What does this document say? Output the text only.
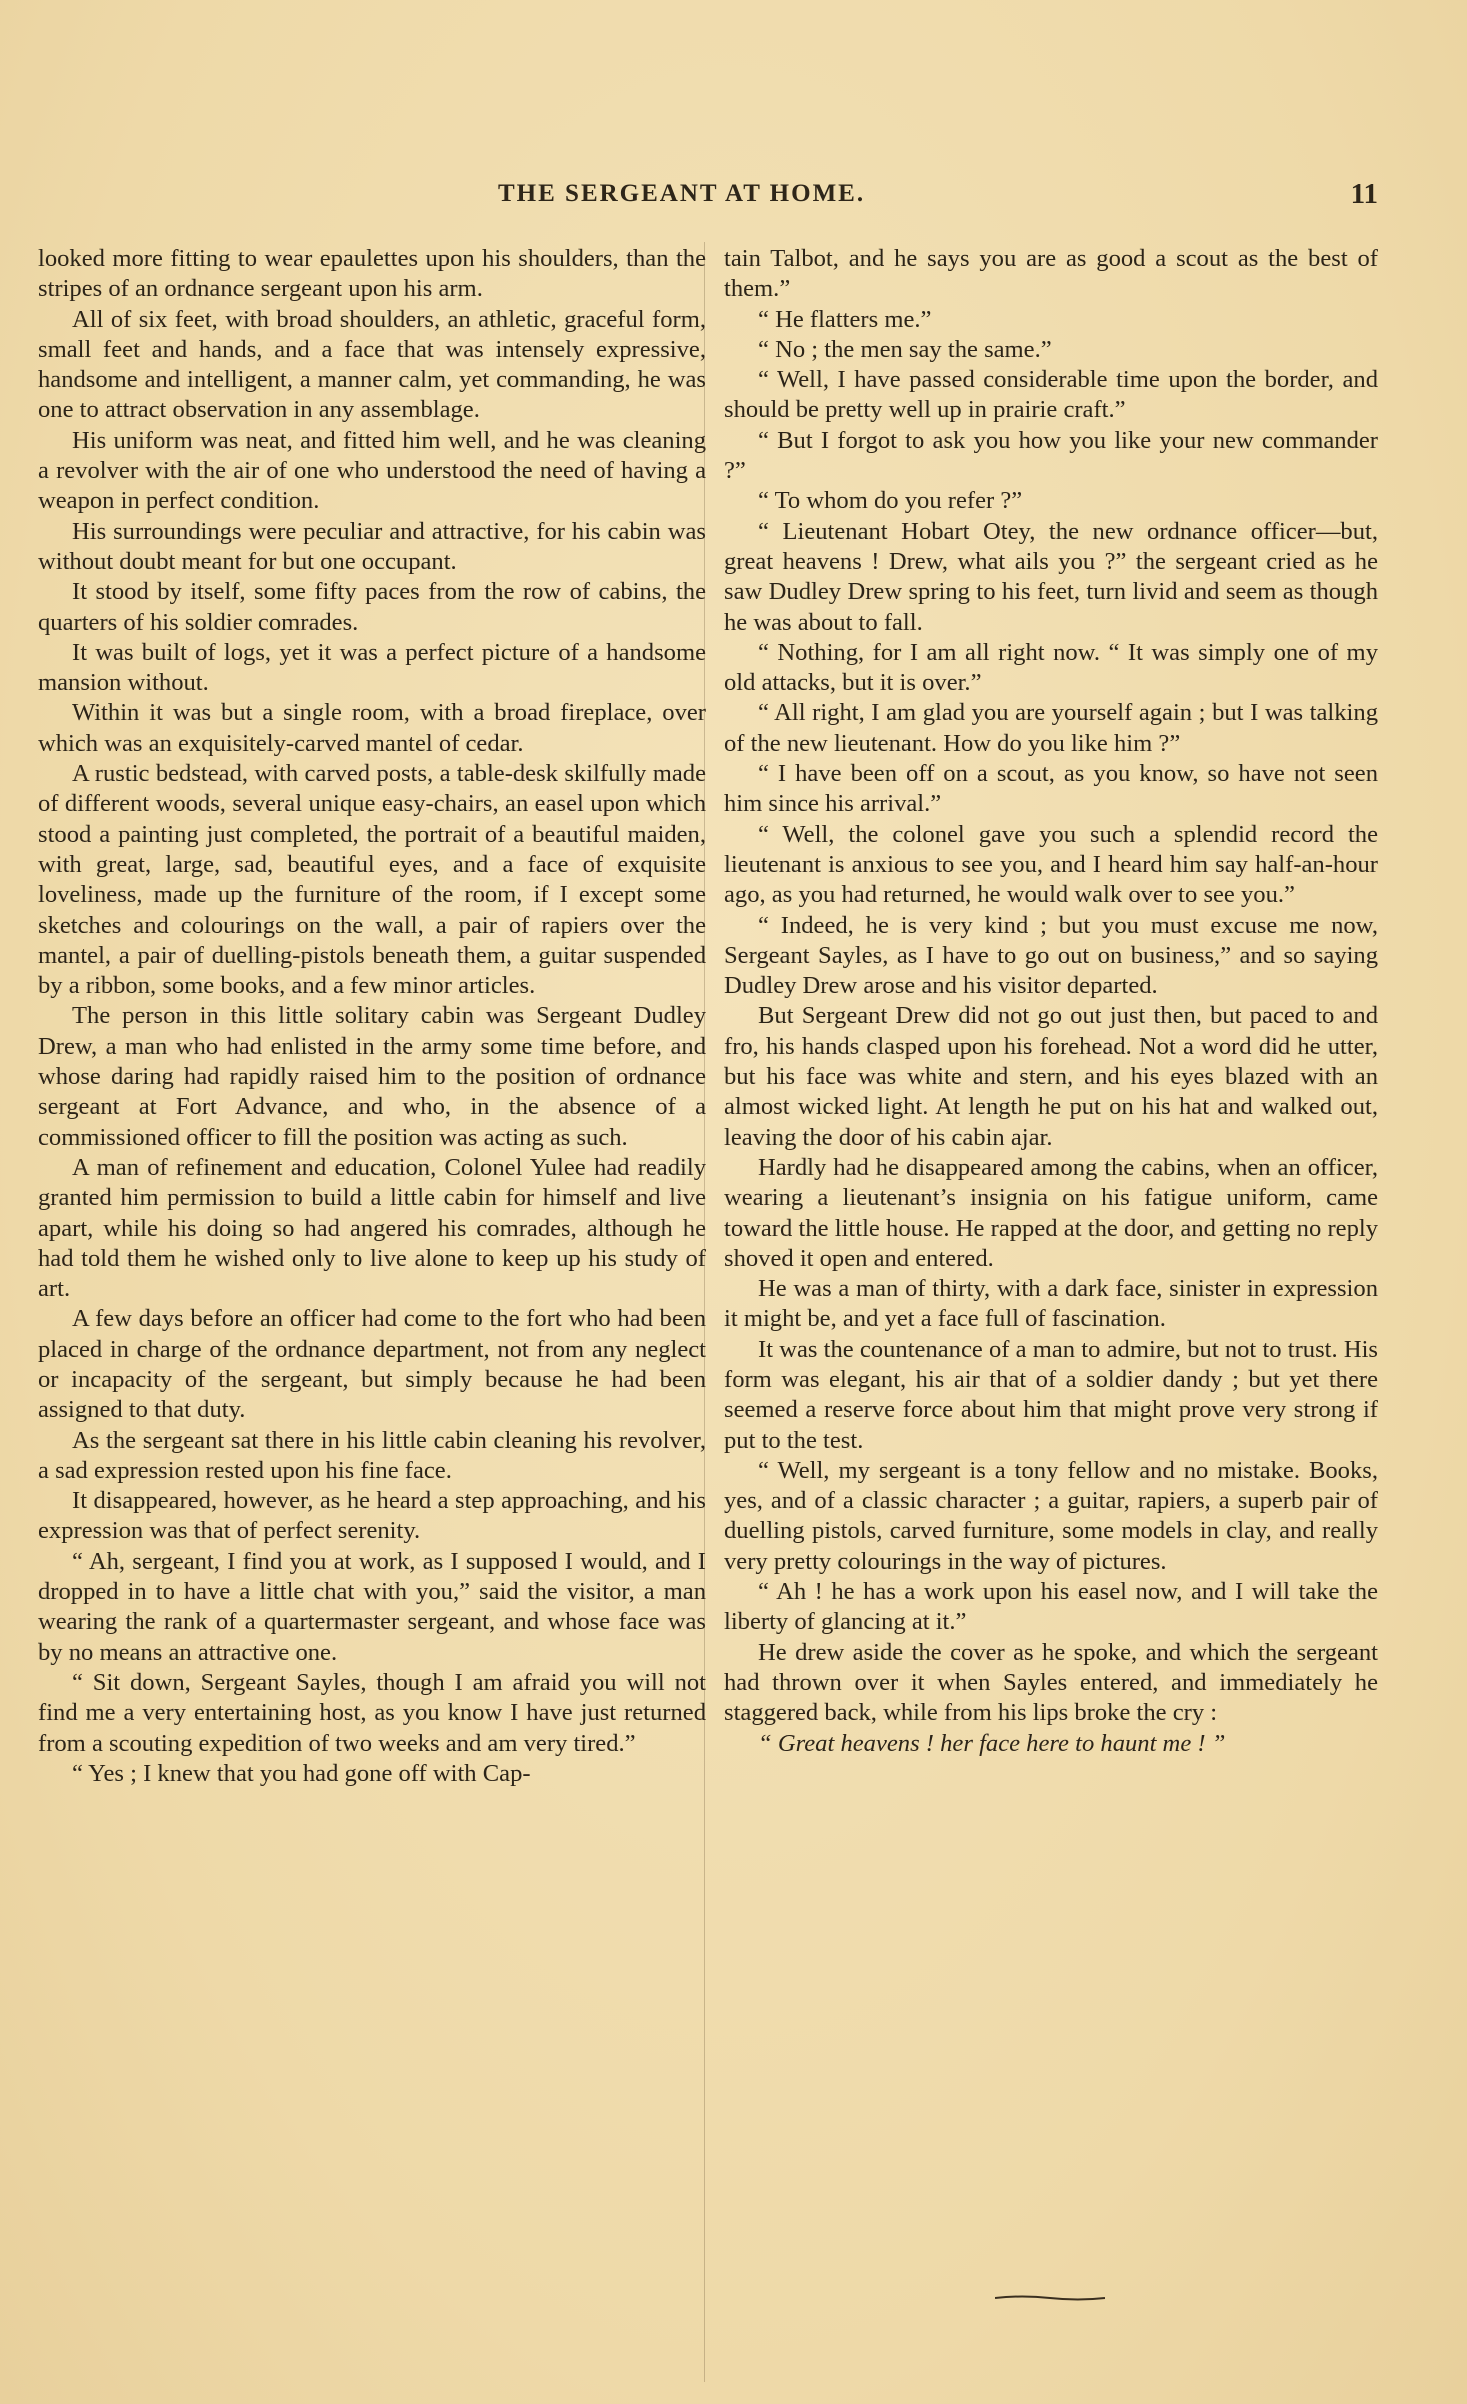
THE SERGEANT AT HOME.	11

looked more fitting to wear epaulettes upon his shoulders, than the stripes of an ordnance sergeant upon his arm.

All of six feet, with broad shoulders, an athletic, graceful form, small feet and hands, and a face that was intensely expressive, handsome and intelligent, a manner calm, yet commanding, he was one to attract observation in any assemblage.

His uniform was neat, and fitted him well, and he was cleaning a revolver with the air of one who understood the need of having a weapon in perfect condition.

His surroundings were peculiar and attractive, for his cabin was without doubt meant for but one occupant.

It stood by itself, some fifty paces from the row of cabins, the quarters of his soldier comrades.

It was built of logs, yet it was a perfect picture of a handsome mansion without.

Within it was but a single room, with a broad fireplace, over which was an exquisitely-carved mantel of cedar.

A rustic bedstead, with carved posts, a table-desk skilfully made of different woods, several unique easy-chairs, an easel upon which stood a painting just completed, the portrait of a beautiful maiden, with great, large, sad, beautiful eyes, and a face of exquisite loveliness, made up the furniture of the room, if I except some sketches and colourings on the wall, a pair of rapiers over the mantel, a pair of duelling-pistols beneath them, a guitar suspended by a ribbon, some books, and a few minor articles.

The person in this little solitary cabin was Sergeant Dudley Drew, a man who had enlisted in the army some time before, and whose daring had rapidly raised him to the position of ordnance sergeant at Fort Advance, and who, in the absence of a commissioned officer to fill the position was acting as such.

A man of refinement and education, Colonel Yulee had readily granted him permission to build a little cabin for himself and live apart, while his doing so had angered his comrades, although he had told them he wished only to live alone to keep up his study of art.

A few days before an officer had come to the fort who had been placed in charge of the ordnance department, not from any neglect or incapacity of the sergeant, but simply because he had been assigned to that duty.

As the sergeant sat there in his little cabin cleaning his revolver, a sad expression rested upon his fine face.

It disappeared, however, as he heard a step approaching, and his expression was that of perfect serenity.

“ Ah, sergeant, I find you at work, as I supposed I would, and I dropped in to have a little chat with you,” said the visitor, a man wearing the rank of a quartermaster sergeant, and whose face was by no means an attractive one.

“ Sit down, Sergeant Sayles, though I am afraid you will not find me a very entertaining host, as you know I have just returned from a scouting expedition of two weeks and am very tired.”

“ Yes ; I knew that you had gone off with Cap-

tain Talbot, and he says you are as good a scout as the best of them.”

“ He flatters me.”

“ No ; the men say the same.”

“ Well, I have passed considerable time upon the border, and should be pretty well up in prairie craft.”

“ But I forgot to ask you how you like your new commander ?”

“ To whom do you refer ?”

“ Lieutenant Hobart Otey, the new ordnance officer—but, great heavens ! Drew, what ails you ?” the sergeant cried as he saw Dudley Drew spring to his feet, turn livid and seem as though he was about to fall.

“ Nothing, for I am all right now. “ It was simply one of my old attacks, but it is over.”

“ All right, I am glad you are yourself again ; but I was talking of the new lieutenant. How do you like him ?”

“ I have been off on a scout, as you know, so have not seen him since his arrival.”

“ Well, the colonel gave you such a splendid record the lieutenant is anxious to see you, and I heard him say half-an-hour ago, as you had returned, he would walk over to see you.”

“ Indeed, he is very kind ; but you must excuse me now, Sergeant Sayles, as I have to go out on business,” and so saying Dudley Drew arose and his visitor departed.

But Sergeant Drew did not go out just then, but paced to and fro, his hands clasped upon his forehead. Not a word did he utter, but his face was white and stern, and his eyes blazed with an almost wicked light. At length he put on his hat and walked out, leaving the door of his cabin ajar.

Hardly had he disappeared among the cabins, when an officer, wearing a lieutenant’s insignia on his fatigue uniform, came toward the little house. He rapped at the door, and getting no reply shoved it open and entered.

He was a man of thirty, with a dark face, sinister in expression it might be, and yet a face full of fascination.

It was the countenance of a man to admire, but not to trust. His form was elegant, his air that of a soldier dandy ; but yet there seemed a reserve force about him that might prove very strong if put to the test.

“ Well, my sergeant is a tony fellow and no mistake. Books, yes, and of a classic character ; a guitar, rapiers, a superb pair of duelling pistols, carved furniture, some models in clay, and really very pretty colourings in the way of pictures.

“ Ah ! he has a work upon his easel now, and I will take the liberty of glancing at it.”

He drew aside the cover as he spoke, and which the sergeant had thrown over it when Sayles entered, and immediately he staggered back, while from his lips broke the cry :

“ Great heavens ! her face here to haunt me ! ”
